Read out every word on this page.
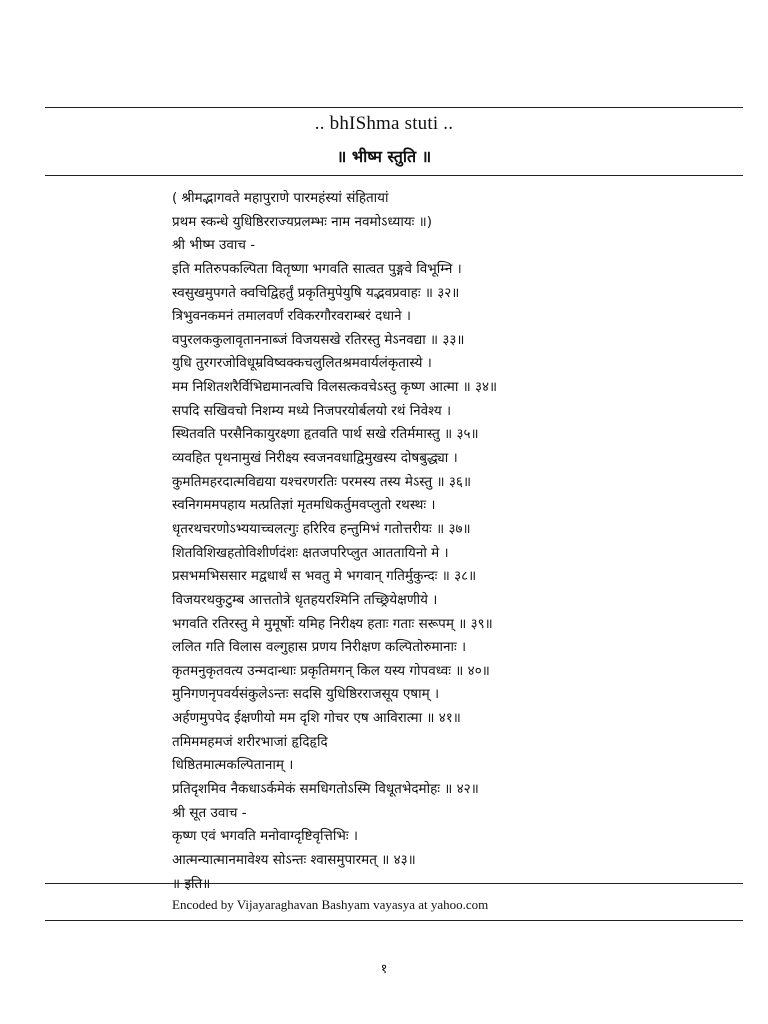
.. bhIShma stuti ..
॥ भीष्म स्तुति ॥
( श्रीमद्भागवते महापुराणे पारमहंस्यां संहितायां
प्रथम स्कन्धे युधिष्ठिरराज्यप्रलम्भः नाम नवमोऽध्यायः ॥)
श्री भीष्म उवाच -
इति मतिरुपकल्पिता वितृष्णा भगवति सात्वत पुङ्गवे विभूम्नि ।
स्वसुखमुपगते क्वचिद्विहर्तुं प्रकृतिमुपेयुषि यद्भवप्रवाहः ॥ ३२॥
त्रिभुवनकमनं तमालवर्णं रविकरगौरवराम्बरं दधाने ।
वपुरलककुलावृताननाब्जं विजयसखे रतिरस्तु मेऽनवद्या ॥ ३३॥
युधि तुरगरजोविधूम्रविष्वक्कचलुलितश्रमवार्यलंकृतास्ये ।
मम निशितशरैर्विभिद्यमानत्वचि विलसत्कवचेऽस्तु कृष्ण आत्मा ॥ ३४॥
सपदि सखिवचो निशम्य मध्ये निजपरयोर्बलयो रथं निवेश्य ।
स्थितवति परसैनिकायुरक्ष्णा हृतवति पार्थ सखे रतिर्ममास्तु ॥ ३५॥
व्यवहित पृथनामुखं निरीक्ष्य स्वजनवधाद्विमुखस्य दोषबुद्ध्या ।
कुमतिमहरदात्मविद्यया यश्चरणरतिः परमस्य तस्य मेऽस्तु ॥ ३६॥
स्वनिगममपहाय मत्प्रतिज्ञां मृतमधिकर्तुमवप्लुतो रथस्थः ।
धृतरथचरणोऽभ्ययाच्चलत्गुः हरिरिव हन्तुमिभं गतोत्तरीयः ॥ ३७॥
शितविशिखहतोविशीर्णदंशः क्षतजपरिप्लुत आततायिनो मे ।
प्रसभमभिससार मद्वधार्थं स भवतु मे भगवान् गतिर्मुकुन्दः ॥ ३८॥
विजयरथकुटुम्ब आत्ततोत्रे धृतहयरश्मिनि तच्छ्रियेक्षणीये ।
भगवति रतिरस्तु मे मुमूर्षोः यमिह निरीक्ष्य हताः गताः सरूपम् ॥ ३९॥
ललित गति विलास वल्गुहास प्रणय निरीक्षण कल्पितोरुमानाः ।
कृतमनुकृतवत्य उन्मदान्धाः प्रकृतिमगन् किल यस्य गोपवध्वः ॥ ४०॥
मुनिगणनृपवर्यसंकुलेऽन्तः सदसि युधिष्ठिरराजसूय एषाम् ।
अर्हणमुपपेद ईक्षणीयो मम दृशि गोचर एष आविरात्मा ॥ ४१॥
तमिममहमजं शरीरभाजां हृदिहृदि
धिष्ठितमात्मकल्पितानाम् ।
प्रतिदृशमिव नैकधाऽर्कमेकं समधिगतोऽस्मि विधूतभेदमोहः ॥ ४२॥
श्री सूत उवाच -
कृष्ण एवं भगवति मनोवाग्दृष्टिवृत्तिभिः ।
आत्मन्यात्मानमावेश्य सोऽन्तः श्वासमुपारमत् ॥ ४३॥
॥ इति॥
Encoded by Vijayaraghavan Bashyam vayasya at yahoo.com
१
